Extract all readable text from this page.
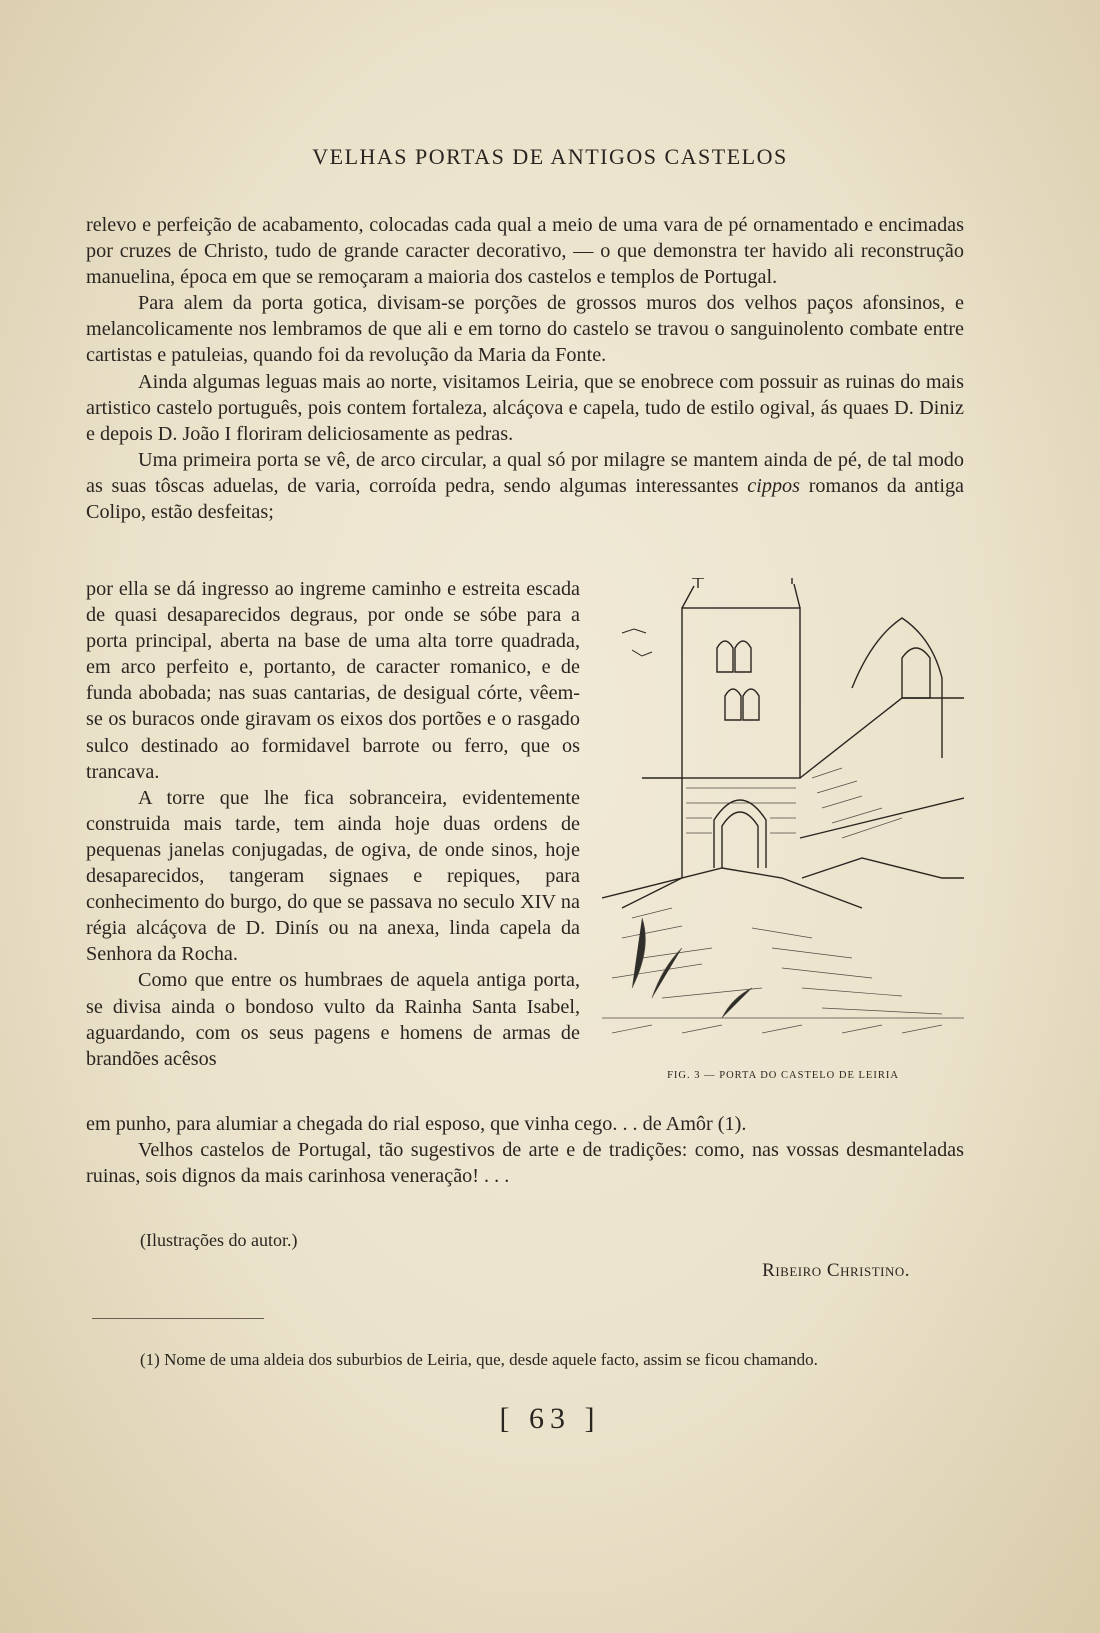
VELHAS PORTAS DE ANTIGOS CASTELOS

relevo e perfeição de acabamento, colocadas cada qual a meio de uma vara de pé ornamentado e encimadas por cruzes de Christo, tudo de grande caracter decorativo, — o que demonstra ter havido ali reconstrução manuelina, época em que se remoçaram a maioria dos castelos e templos de Portugal.

Para alem da porta gotica, divisam-se porções de grossos muros dos velhos paços afonsinos, e melancolicamente nos lembramos de que ali e em torno do castelo se travou o sanguinolento combate entre cartistas e patuleias, quando foi da revolução da Maria da Fonte.

Ainda algumas leguas mais ao norte, visitamos Leiria, que se enobrece com possuir as ruinas do mais artistico castelo português, pois contem fortaleza, alcáçova e capela, tudo de estilo ogival, ás quaes D. Diniz e depois D. João I floriram deliciosamente as pedras.

Uma primeira porta se vê, de arco circular, a qual só por milagre se mantem ainda de pé, de tal modo as suas tôscas aduelas, de varia, corroída pedra, sendo algumas interessantes cippos romanos da antiga Colipo, estão desfeitas;

por ella se dá ingresso ao ingreme caminho e estreita escada de quasi desaparecidos degraus, por onde se sóbe para a porta principal, aberta na base de uma alta torre quadrada, em arco perfeito e, portanto, de caracter romanico, e de funda abobada; nas suas cantarias, de desigual córte, vêem-se os buracos onde giravam os eixos dos portões e o rasgado sulco destinado ao formidavel barrote ou ferro, que os trancava.

A torre que lhe fica sobranceira, evidentemente construida mais tarde, tem ainda hoje duas ordens de pequenas janelas conjugadas, de ogiva, de onde sinos, hoje desaparecidos, tangeram signaes e repiques, para conhecimento do burgo, do que se passava no seculo XIV na régia alcáçova de D. Dinís ou na anexa, linda capela da Senhora da Rocha.

Como que entre os humbraes de aquela antiga porta, se divisa ainda o bondoso vulto da Rainha Santa Isabel, aguardando, com os seus pagens e homens de armas de brandões acêsos

em punho, para alumiar a chegada do rial esposo, que vinha cego. . . de Amôr (1).

Velhos castelos de Portugal, tão sugestivos de arte e de tradições: como, nas vossas desmanteladas ruinas, sois dignos da mais carinhosa veneração! . . .

FIG. 3 — PORTA DO CASTELO DE LEIRIA
(Ilustrações do autor.)
Ribeiro Christino.
(1) Nome de uma aldeia dos suburbios de Leiria, que, desde aquele facto, assim se ficou chamando.
[ 63 ]
